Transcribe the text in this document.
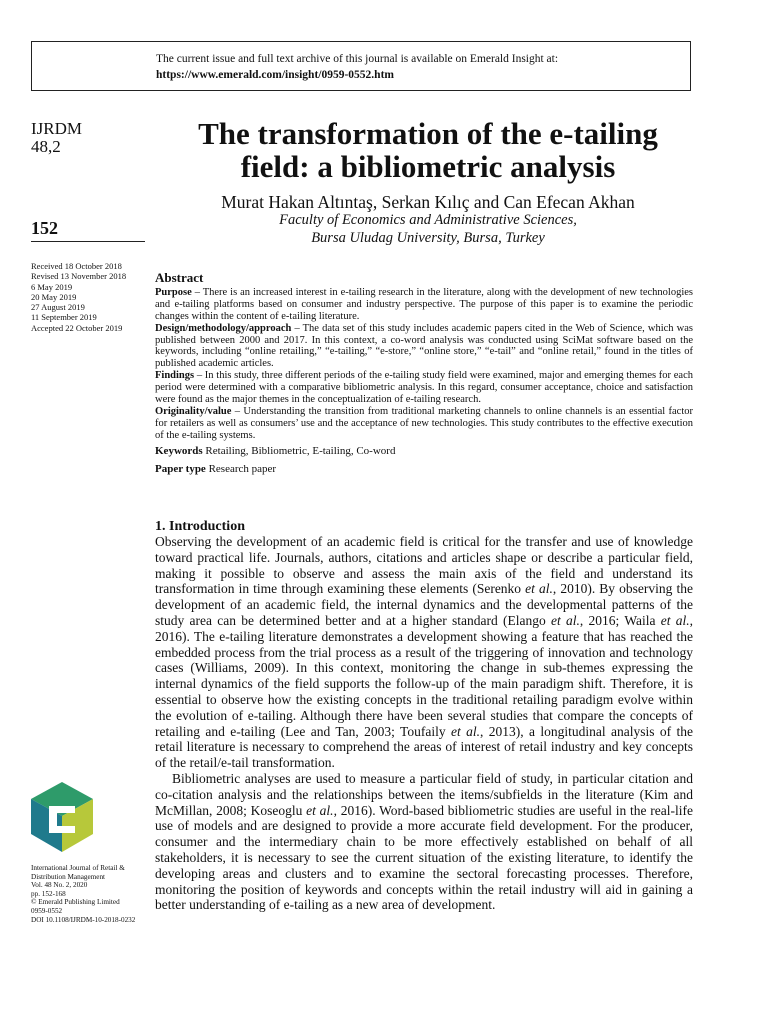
The current issue and full text archive of this journal is available on Emerald Insight at:
https://www.emerald.com/insight/0959-0552.htm
IJRDM
48,2
152
Received 18 October 2018
Revised 13 November 2018
6 May 2019
20 May 2019
27 August 2019
11 September 2019
Accepted 22 October 2019
International Journal of Retail &
Distribution Management
Vol. 48 No. 2, 2020
pp. 152-168
© Emerald Publishing Limited
0959-0552
DOI 10.1108/IJRDM-10-2018-0232
The transformation of the e-tailing
field: a bibliometric analysis
Murat Hakan Altıntaş, Serkan Kılıç and Can Efecan Akhan
Faculty of Economics and Administrative Sciences,
Bursa Uludag University, Bursa, Turkey
Abstract

Purpose – There is an increased interest in e-tailing research in the literature, along with the development of new technologies and e-tailing platforms based on consumer and industry perspective. The purpose of this paper is to examine the periodic changes within the content of e-tailing literature.

Design/methodology/approach – The data set of this study includes academic papers cited in the Web of Science, which was published between 2000 and 2017. In this context, a co-word analysis was conducted using SciMat software based on the keywords, including “online retailing,” “e-tailing,” “e-store,” “online store,” “e-tail” and “online retail,” found in the titles of published academic articles.

Findings – In this study, three different periods of the e-tailing study field were examined, major and emerging themes for each period were determined with a comparative bibliometric analysis. In this regard, consumer acceptance, choice and satisfaction were found as the major themes in the conceptualization of e-tailing research.

Originality/value – Understanding the transition from traditional marketing channels to online channels is an essential factor for retailers as well as consumers’ use and the acceptance of new technologies. This study contributes to the effective execution of the e-tailing systems.

Keywords Retailing, Bibliometric, E-tailing, Co-word

Paper type Research paper

1. Introduction

Observing the development of an academic field is critical for the transfer and use of knowledge toward practical life. Journals, authors, citations and articles shape or describe a particular field, making it possible to observe and assess the main axis of the field and understand its transformation in time through examining these elements (Serenko et al., 2010). By observing the development of an academic field, the internal dynamics and the developmental patterns of the study area can be determined better and at a higher standard (Elango et al., 2016; Waila et al., 2016). The e-tailing literature demonstrates a development showing a feature that has reached the embedded process from the trial process as a result of the triggering of innovation and technology cases (Williams, 2009). In this context, monitoring the change in sub-themes expressing the internal dynamics of the field supports the follow-up of the main paradigm shift. Therefore, it is essential to observe how the existing concepts in the traditional retailing paradigm evolve within the evolution of e-tailing. Although there have been several studies that compare the concepts of retailing and e-tailing (Lee and Tan, 2003; Toufaily et al., 2013), a longitudinal analysis of the retail literature is necessary to comprehend the areas of interest of retail industry and key concepts of the retail/e-tail transformation.

Bibliometric analyses are used to measure a particular field of study, in particular citation and co-citation analysis and the relationships between the items/subfields in the literature (Kim and McMillan, 2008; Koseoglu et al., 2016). Word-based bibliometric studies are useful in the real-life use of models and are designed to provide a more accurate field development. For the producer, consumer and the intermediary chain to be more effectively established on behalf of all stakeholders, it is necessary to see the current situation of the existing literature, to identify the developing areas and clusters and to examine the sectoral forecasting processes. Therefore, monitoring the position of keywords and concepts within the retail industry will aid in gaining a better understanding of e-tailing as a new area of development.
